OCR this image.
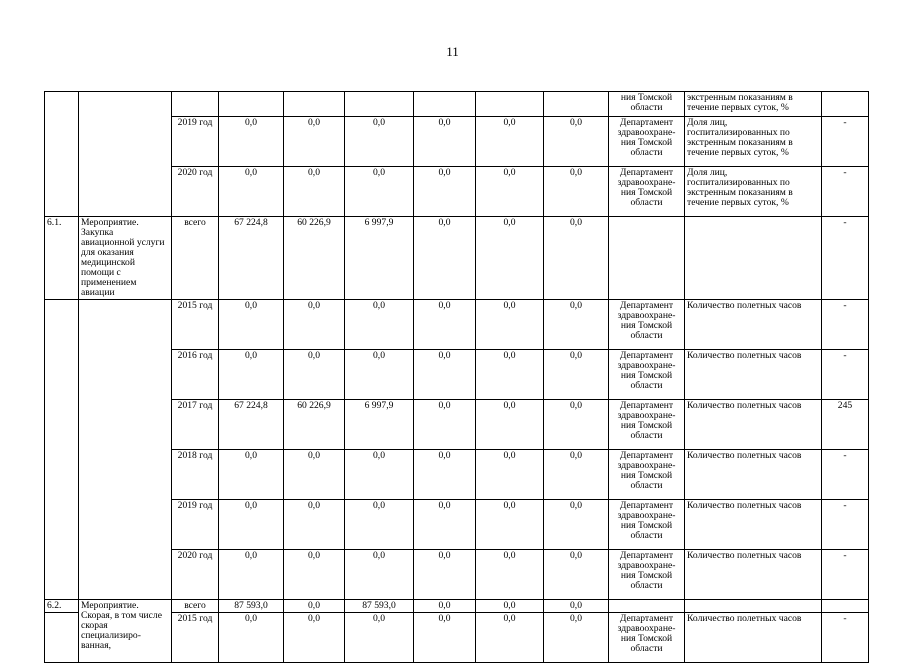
11
									ния Томской области	экстренным показаниям в течение первых суток, %	
		2019 год	0,0	0,0	0,0	0,0	0,0	0,0	Департамент здравоохране-ния Томской области	Доля лиц, госпитализированных по экстренным показаниям в течение первых суток, %	-
		2020 год	0,0	0,0	0,0	0,0	0,0	0,0	Департамент здравоохране-ния Томской области	Доля лиц, госпитализированных по экстренным показаниям в течение первых суток, %	-
6.1.	Мероприятие. Закупка авиационной услуги для оказания медицинской помощи с применением авиации	всего	67 224,8	60 226,9	6 997,9	0,0	0,0	0,0			-
		2015 год	0,0	0,0	0,0	0,0	0,0	0,0	Департамент здравоохране-ния Томской области	Количество полетных часов	-
		2016 год	0,0	0,0	0,0	0,0	0,0	0,0	Департамент здравоохране-ния Томской области	Количество полетных часов	-
		2017 год	67 224,8	60 226,9	6 997,9	0,0	0,0	0,0	Департамент здравоохране-ния Томской области	Количество полетных часов	245
		2018 год	0,0	0,0	0,0	0,0	0,0	0,0	Департамент здравоохране-ния Томской области	Количество полетных часов	-
		2019 год	0,0	0,0	0,0	0,0	0,0	0,0	Департамент здравоохране-ния Томской области	Количество полетных часов	-
		2020 год	0,0	0,0	0,0	0,0	0,0	0,0	Департамент здравоохране-ния Томской области	Количество полетных часов	-
6.2.	Мероприятие. Скорая, в том числе скорая специализиро-ванная,	всего	87 593,0	0,0	87 593,0	0,0	0,0	0,0			
		2015 год	0,0	0,0	0,0	0,0	0,0	0,0	Департамент здравоохране-ния Томской области	Количество полетных часов	-
